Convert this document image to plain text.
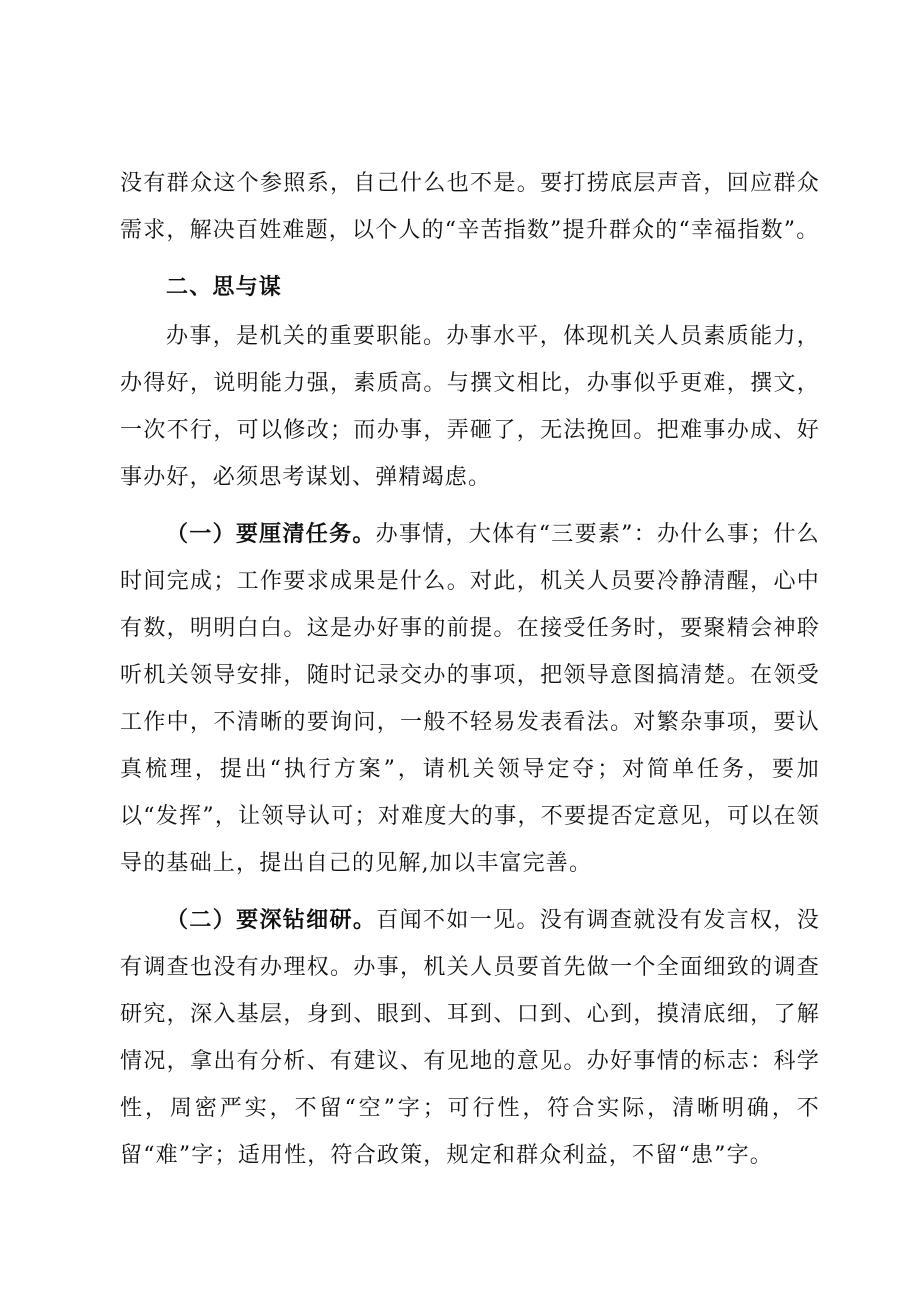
没有群众这个参照系，自己什么也不是。要打捞底层声音，回应群众需求，解决百姓难题，以个人的“辛苦指数”提升群众的“幸福指数”。

二、思与谋

办事，是机关的重要职能。办事水平，体现机关人员素质能力，办得好，说明能力强，素质高。与撰文相比，办事似乎更难，撰文，一次不行，可以修改；而办事，弄砸了，无法挽回。把难事办成、好事办好，必须思考谋划、弹精竭虑。

（一）要厘清任务。办事情，大体有“三要素”：办什么事；什么时间完成；工作要求成果是什么。对此，机关人员要冷静清醒，心中有数，明明白白。这是办好事的前提。在接受任务时，要聚精会神聆听机关领导安排，随时记录交办的事项，把领导意图搞清楚。在领受工作中，不清晰的要询问，一般不轻易发表看法。对繁杂事项，要认真梳理，提出“执行方案”，请机关领导定夺；对简单任务，要加以“发挥”，让领导认可；对难度大的事，不要提否定意见，可以在领导的基础上，提出自己的见解,加以丰富完善。

（二）要深钻细研。百闻不如一见。没有调查就没有发言权，没有调查也没有办理权。办事，机关人员要首先做一个全面细致的调查研究，深入基层，身到、眼到、耳到、口到、心到，摸清底细，了解情况，拿出有分析、有建议、有见地的意见。办好事情的标志：科学性，周密严实，不留“空”字；可行性，符合实际，清晰明确，不留“难”字；适用性，符合政策，规定和群众利益，不留“患”字。
